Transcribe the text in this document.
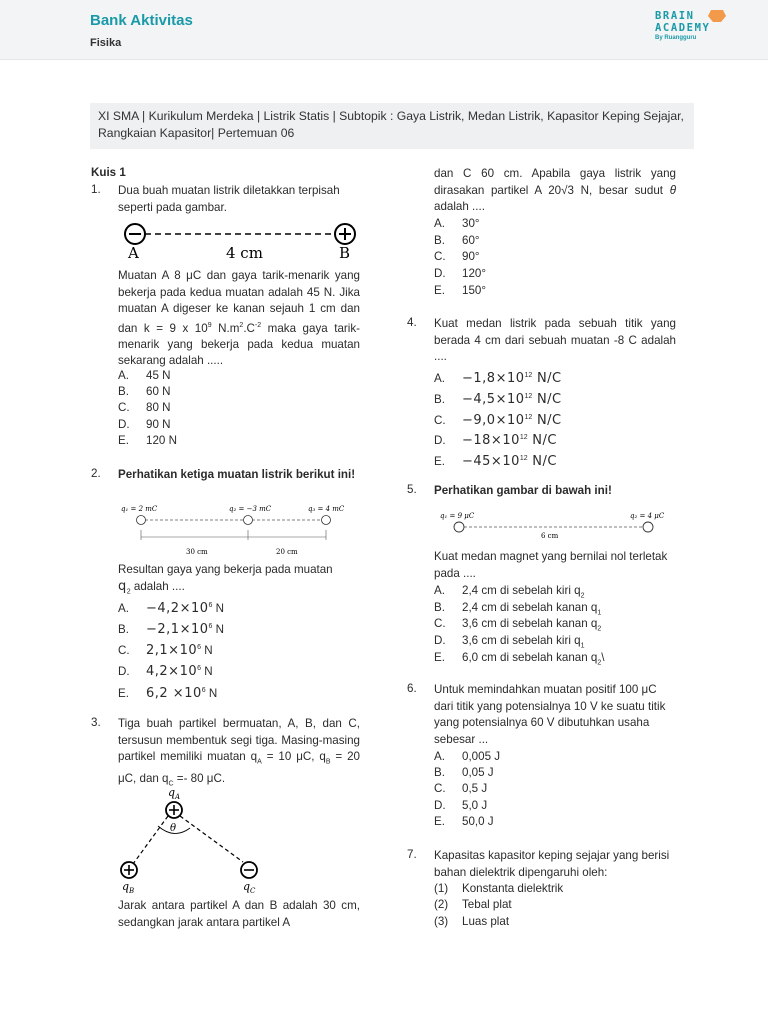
Bank Aktivitas
Fisika
BRAIN
ACADEMY
By Ruangguru
XI SMA | Kurikulum Merdeka | Listrik Statis | Subtopik : Gaya Listrik, Medan Listrik, Kapasitor Keping Sejajar, Rangkaian Kapasitor| Pertemuan 06
Kuis 1
1. Dua buah muatan listrik diletakkan terpisah seperti pada gambar.
A	4 cm	B
Muatan A 8 μC dan gaya tarik-menarik yang bekerja pada kedua muatan adalah 45 N. Jika muatan A digeser ke kanan sejauh 1 cm dan dan k = 9 x $10^9$ $N.m^2.C^{-2}$ maka gaya tarik-menarik yang bekerja pada kedua muatan sekarang adalah .....
A. 45 N
B. 60 N
C. 80 N
D. 90 N
E. 120 N
2. Perhatikan ketiga muatan listrik berikut ini!
q₁ = 2 mC	q₂ = −3 mC	q₃ = 4 mC
30 cm	20 cm
Resultan gaya yang bekerja pada muatan
$q_2$ adalah ....
A. $-4,2\times 10^6$ N
B. $-2,1\times 10^6$ N
C. $2,1\times 10^6$ N
D. $4,2\times 10^6$ N
E. $6,2 \times 10^6$ N
3. Tiga buah partikel bermuatan, A, B, dan C, tersusun membentuk segi tiga. Masing-masing partikel memiliki muatan $q_A = 10$ μC, $q_B = 20$ μC, dan $q_C =- 80$ μC.
$q_A$
θ
$q_B$	$q_C$
Jarak antara partikel A dan B adalah 30 cm, sedangkan jarak antara partikel A
dan C 60 cm. Apabila gaya listrik yang dirasakan partikel A 20√3 N, besar sudut θ adalah ....
A. 30°
B. 60°
C. 90°
D. 120°
E. 150°
4. Kuat medan listrik pada sebuah titik yang berada 4 cm dari sebuah muatan -8 C adalah ....
A. $-1,8\times 10^{12}$ N/C
B. $-4,5\times 10^{12}$ N/C
C. $-9,0\times 10^{12}$ N/C
D. $-18\times 10^{12}$ N/C
E. $-45\times 10^{12}$ N/C
5. Perhatikan gambar di bawah ini!
q₁ = 9 μC	q₂ = 4 μC
6 cm
Kuat medan magnet yang bernilai nol terletak pada ....
A. 2,4 cm di sebelah kiri $q_2$
B. 2,4 cm di sebelah kanan $q_1$
C. 3,6 cm di sebelah kanan $q_2$
D. 3,6 cm di sebelah kiri $q_1$
E. 6,0 cm di sebelah kanan $q_2\backslash$
6. Untuk memindahkan muatan positif 100 μC dari titik yang potensialnya 10 V ke suatu titik yang potensialnya 60 V dibutuhkan usaha sebesar ...
A. 0,005 J
B. 0,05 J
C. 0,5 J
D. 5,0 J
E. 50,0 J
7. Kapasitas kapasitor keping sejajar yang berisi bahan dielektrik dipengaruhi oleh:
(1) Konstanta dielektrik
(2) Tebal plat
(3) Luas plat
